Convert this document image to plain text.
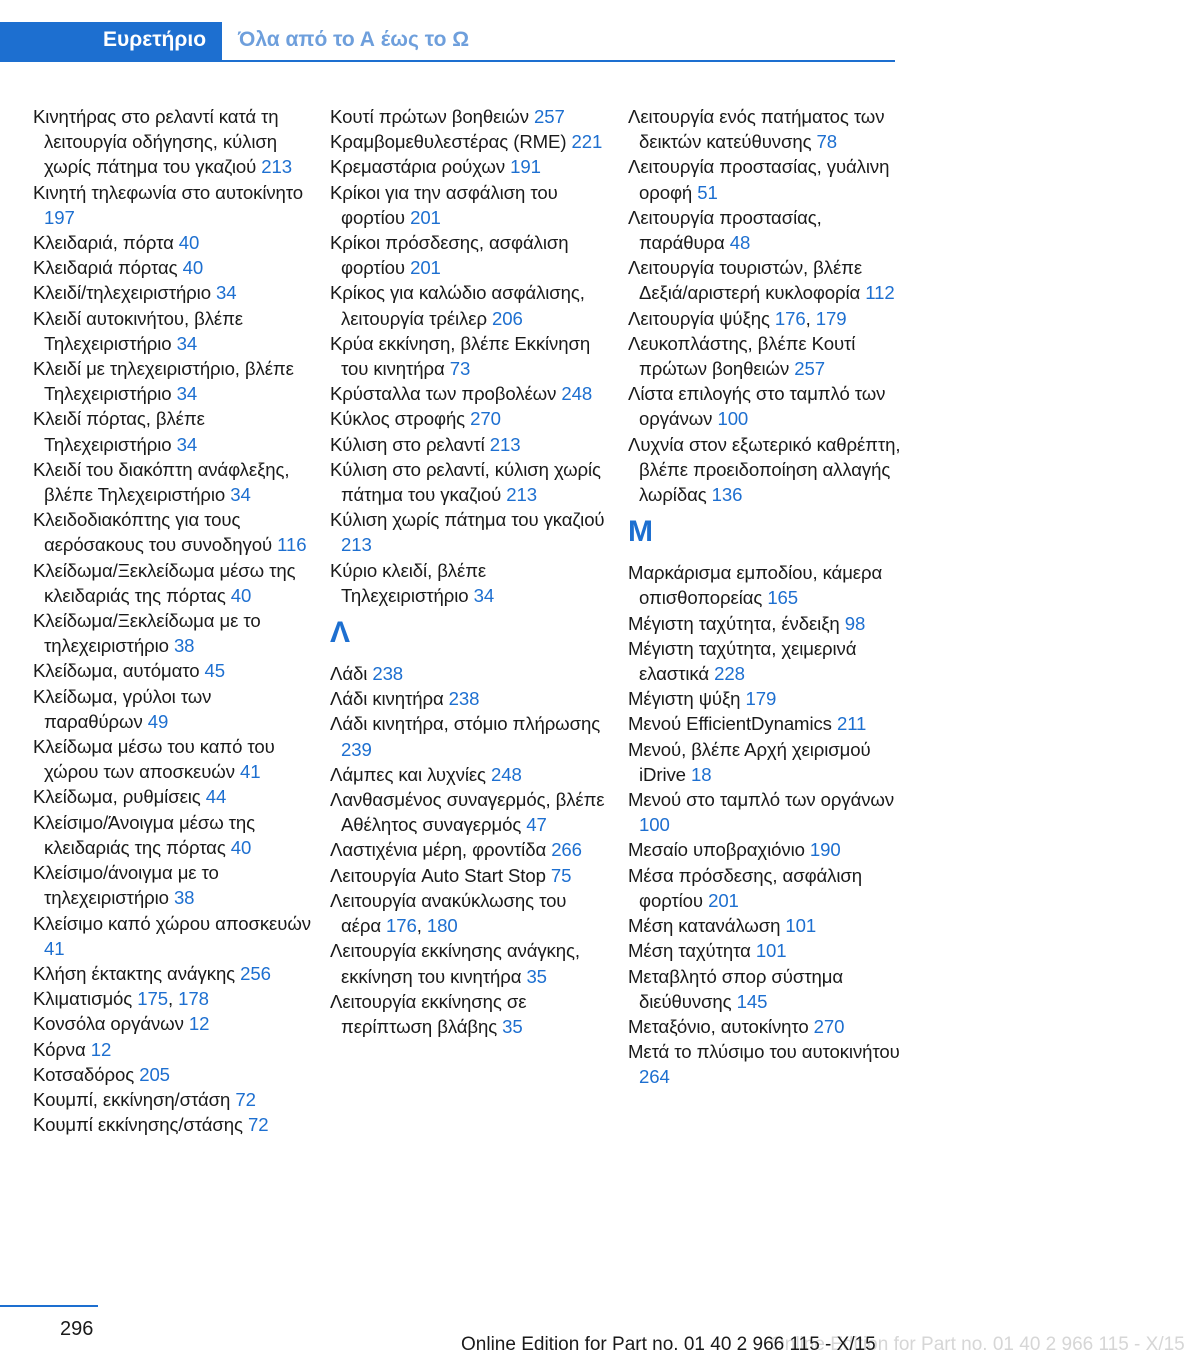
Ευρετήριο	Όλα από το Α έως το Ω
Κινητήρας στο ρελαντί κατά τη λειτουργία οδήγησης, κύλιση χωρίς πάτημα του γκαζιού 213
Κινητή τηλεφωνία στο αυτοκίνητο 197
Κλειδαριά, πόρτα 40
Κλειδαριά πόρτας 40
Κλειδί/τηλεχειριστήριο 34
Κλειδί αυτοκινήτου, βλέπε Τηλεχειριστήριο 34
Κλειδί με τηλεχειριστήριο, βλέπε Τηλεχειριστήριο 34
Κλειδί πόρτας, βλέπε Τηλεχειριστήριο 34
Κλειδί του διακόπτη ανάφλεξης, βλέπε Τηλεχειριστήριο 34
Κλειδοδιακόπτης για τους αερόσακους του συνοδηγού 116
Κλείδωμα/Ξεκλείδωμα μέσω της κλειδαριάς της πόρτας 40
Κλείδωμα/Ξεκλείδωμα με το τηλεχειριστήριο 38
Κλείδωμα, αυτόματο 45
Κλείδωμα, γρύλοι των παραθύρων 49
Κλείδωμα μέσω του καπό του χώρου των αποσκευών 41
Κλείδωμα, ρυθμίσεις 44
Κλείσιμο/Άνοιγμα μέσω της κλειδαριάς της πόρτας 40
Κλείσιμο/άνοιγμα με το τηλεχειριστήριο 38
Κλείσιμο καπό χώρου αποσκευών 41
Κλήση έκτακτης ανάγκης 256
Κλιματισμός 175, 178
Κονσόλα οργάνων 12
Κόρνα 12
Κοτσαδόρος 205
Κουμπί, εκκίνηση/στάση 72
Κουμπί εκκίνησης/στάσης 72
Κουτί πρώτων βοηθειών 257
Κραμβομεθυλεστέρας (RME) 221
Κρεμαστάρια ρούχων 191
Κρίκοι για την ασφάλιση του φορτίου 201
Κρίκοι πρόσδεσης, ασφάλιση φορτίου 201
Κρίκος για καλώδιο ασφάλισης, λειτουργία τρέιλερ 206
Κρύα εκκίνηση, βλέπε Εκκίνηση του κινητήρα 73
Κρύσταλλα των προβολέων 248
Κύκλος στροφής 270
Κύλιση στο ρελαντί 213
Κύλιση στο ρελαντί, κύλιση χωρίς πάτημα του γκαζιού 213
Κύλιση χωρίς πάτημα του γκαζιού 213
Κύριο κλειδί, βλέπε Τηλεχειριστήριο 34
Λ
Λάδι 238
Λάδι κινητήρα 238
Λάδι κινητήρα, στόμιο πλήρωσης 239
Λάμπες και λυχνίες 248
Λανθασμένος συναγερμός, βλέπε Αθέλητος συναγερμός 47
Λαστιχένια μέρη, φροντίδα 266
Λειτουργία Auto Start Stop 75
Λειτουργία ανακύκλωσης του αέρα 176, 180
Λειτουργία εκκίνησης ανάγκης, εκκίνηση του κινητήρα 35
Λειτουργία εκκίνησης σε περίπτωση βλάβης 35
Λειτουργία ενός πατήματος των δεικτών κατεύθυνσης 78
Λειτουργία προστασίας, γυάλινη οροφή 51
Λειτουργία προστασίας, παράθυρα 48
Λειτουργία τουριστών, βλέπε Δεξιά/αριστερή κυκλοφορία 112
Λειτουργία ψύξης 176, 179
Λευκοπλάστης, βλέπε Κουτί πρώτων βοηθειών 257
Λίστα επιλογής στο ταμπλό των οργάνων 100
Λυχνία στον εξωτερικό καθρέπτη, βλέπε προειδοποίηση αλλαγής λωρίδας 136
Μ
Μαρκάρισμα εμποδίου, κάμερα οπισθοπορείας 165
Μέγιστη ταχύτητα, ένδειξη 98
Μέγιστη ταχύτητα, χειμερινά ελαστικά 228
Μέγιστη ψύξη 179
Μενού EfficientDynamics 211
Μενού, βλέπε Αρχή χειρισμού iDrive 18
Μενού στο ταμπλό των οργάνων 100
Μεσαίο υποβραχιόνιο 190
Μέσα πρόσδεσης, ασφάλιση φορτίου 201
Μέση κατανάλωση 101
Μέση ταχύτητα 101
Μεταβλητό σπορ σύστημα διεύθυνσης 145
Μεταξόνιο, αυτοκίνητο 270
Μετά το πλύσιμο του αυτοκινήτου 264
296
Online Edition for Part no. 01 40 2 966 115 - X/15
Online Edition for Part no. 01 40 2 966 115 - X/15
